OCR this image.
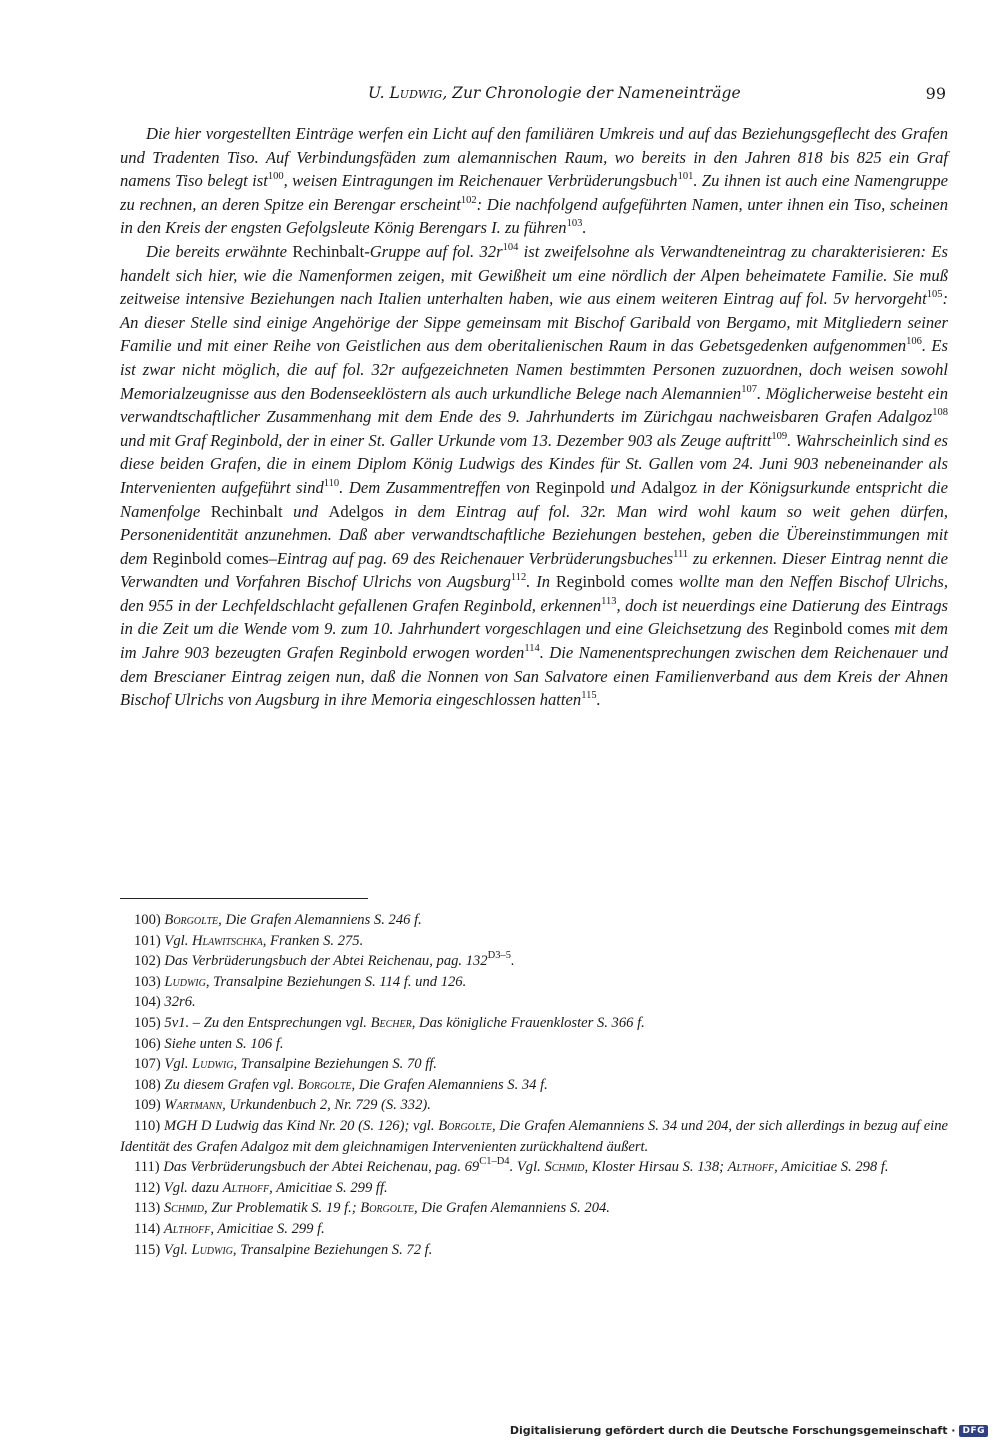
U. Ludwig, Zur Chronologie der Nameneinträge	99

Die hier vorgestellten Einträge werfen ein Licht auf den familiären Umkreis und auf das Beziehungsgeflecht des Grafen und Tradenten Tiso. Auf Verbindungsfäden zum alemannischen Raum, wo bereits in den Jahren 818 bis 825 ein Graf namens Tiso belegt ist$^{100}$, weisen Eintragungen im Reichenauer Verbrüderungsbuch$^{101}$. Zu ihnen ist auch eine Namengruppe zu rechnen, an deren Spitze ein Berengar erscheint$^{102}$: Die nachfolgend aufgeführten Namen, unter ihnen ein Tiso, scheinen in den Kreis der engsten Gefolgsleute König Berengars I. zu führen$^{103}$.

Die bereits erwähnte Rechinbalt-Gruppe auf fol. $32r^{104}$ ist zweifelsohne als Verwandteneintrag zu charakterisieren: Es handelt sich hier, wie die Namenformen zeigen, mit Gewißheit um eine nördlich der Alpen beheimatete Familie. Sie muß zeitweise intensive Beziehungen nach Italien unterhalten haben, wie aus einem weiteren Eintrag auf fol. 5v hervorgeht$^{105}$: An dieser Stelle sind einige Angehörige der Sippe gemeinsam mit Bischof Garibald von Bergamo, mit Mitgliedern seiner Familie und mit einer Reihe von Geistlichen aus dem oberitalienischen Raum in das Gebetsgedenken aufgenommen$^{106}$. Es ist zwar nicht möglich, die auf fol. 32r aufgezeichneten Namen bestimmten Personen zuzuordnen, doch weisen sowohl Memorialzeugnisse aus den Bodenseeklöstern als auch urkundliche Belege nach Alemannien$^{107}$. Möglicherweise besteht ein verwandtschaftlicher Zusammenhang mit dem Ende des 9. Jahrhunderts im Zürichgau nachweisbaren Grafen Adalgoz$^{108}$ und mit Graf Reginbold, der in einer St. Galler Urkunde vom 13. Dezember 903 als Zeuge auftritt$^{109}$. Wahrscheinlich sind es diese beiden Grafen, die in einem Diplom König Ludwigs des Kindes für St. Gallen vom 24. Juni 903 nebeneinander als Intervenienten aufgeführt sind$^{110}$. Dem Zusammentreffen von Reginpold und Adalgoz in der Königsurkunde entspricht die Namenfolge Rechinbalt und Adelgos in dem Eintrag auf fol. 32r. Man wird wohl kaum so weit gehen dürfen, Personenidentität anzunehmen. Daß aber verwandtschaftliche Beziehungen bestehen, geben die Übereinstimmungen mit dem Reginbold comes–Eintrag auf pag. 69 des Reichenauer Verbrüderungsbuches$^{111}$ zu erkennen. Dieser Eintrag nennt die Verwandten und Vorfahren Bischof Ulrichs von Augsburg$^{112}$. In Reginbold comes wollte man den Neffen Bischof Ulrichs, den 955 in der Lechfeldschlacht gefallenen Grafen Reginbold, erkennen$^{113}$, doch ist neuerdings eine Datierung des Eintrags in die Zeit um die Wende vom 9. zum 10. Jahrhundert vorgeschlagen und eine Gleichsetzung des Reginbold comes mit dem im Jahre 903 bezeugten Grafen Reginbold erwogen worden$^{114}$. Die Namenentsprechungen zwischen dem Reichenauer und dem Brescianer Eintrag zeigen nun, daß die Nonnen von San Salvatore einen Familienverband aus dem Kreis der Ahnen Bischof Ulrichs von Augsburg in ihre Memoria eingeschlossen hatten$^{115}$.

100) Borgolte, Die Grafen Alemanniens S. 246 f.
101) Vgl. Hlawitschka, Franken S. 275.
102) Das Verbrüderungsbuch der Abtei Reichenau, pag. $132^{D3-5}$.
103) Ludwig, Transalpine Beziehungen S. 114 f. und 126.
104) 32r6.
105) 5v1. – Zu den Entsprechungen vgl. Becher, Das königliche Frauenkloster S. 366 f.
106) Siehe unten S. 106 f.
107) Vgl. Ludwig, Transalpine Beziehungen S. 70 ff.
108) Zu diesem Grafen vgl. Borgolte, Die Grafen Alemanniens S. 34 f.
109) Wartmann, Urkundenbuch 2, Nr. 729 (S. 332).
110) MGH D Ludwig das Kind Nr. 20 (S. 126); vgl. Borgolte, Die Grafen Alemanniens S. 34 und 204, der sich allerdings in bezug auf eine Identität des Grafen Adalgoz mit dem gleichnamigen Intervenienten zurückhaltend äußert.
111) Das Verbrüderungsbuch der Abtei Reichenau, pag. $69^{C1-D4}$. Vgl. Schmid, Kloster Hirsau S. 138; Althoff, Amicitiae S. 298 f.
112) Vgl. dazu Althoff, Amicitiae S. 299 ff.
113) Schmid, Zur Problematik S. 19 f.; Borgolte, Die Grafen Alemanniens S. 204.
114) Althoff, Amicitiae S. 299 f.
115) Vgl. Ludwig, Transalpine Beziehungen S. 72 f.
Digitalisierung gefördert durch die Deutsche Forschungsgemeinschaft · DFG
